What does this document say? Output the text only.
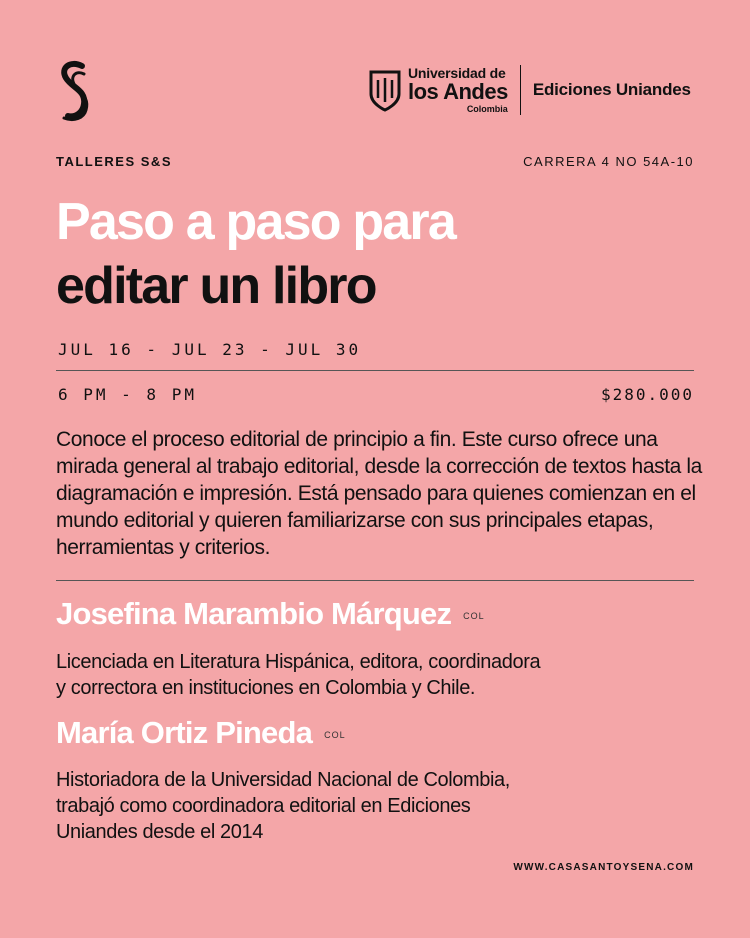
Universidad de
los Andes
Colombia
Ediciones Uniandes
TALLERES S&S	CARRERA 4 NO 54A-10
Paso a paso para
editar un libro
JUL 16 - JUL 23 - JUL 30
6 PM - 8 PM	$280.000
Conoce el proceso editorial de principio a fin. Este curso ofrece una mirada general al trabajo editorial, desde la corrección de textos hasta la diagramación e impresión. Está pensado para quienes comienzan en el mundo editorial y quieren familiarizarse con sus principales etapas, herramientas y criterios.
Josefina Marambio Márquez COL
Licenciada en Literatura Hispánica, editora, coordinadora
y correctora en instituciones en Colombia y Chile.
María Ortiz Pineda COL
Historiadora de la Universidad Nacional de Colombia,
trabajó como coordinadora editorial en Ediciones
Uniandes desde el 2014
WWW.CASASANTOYSENA.COM
